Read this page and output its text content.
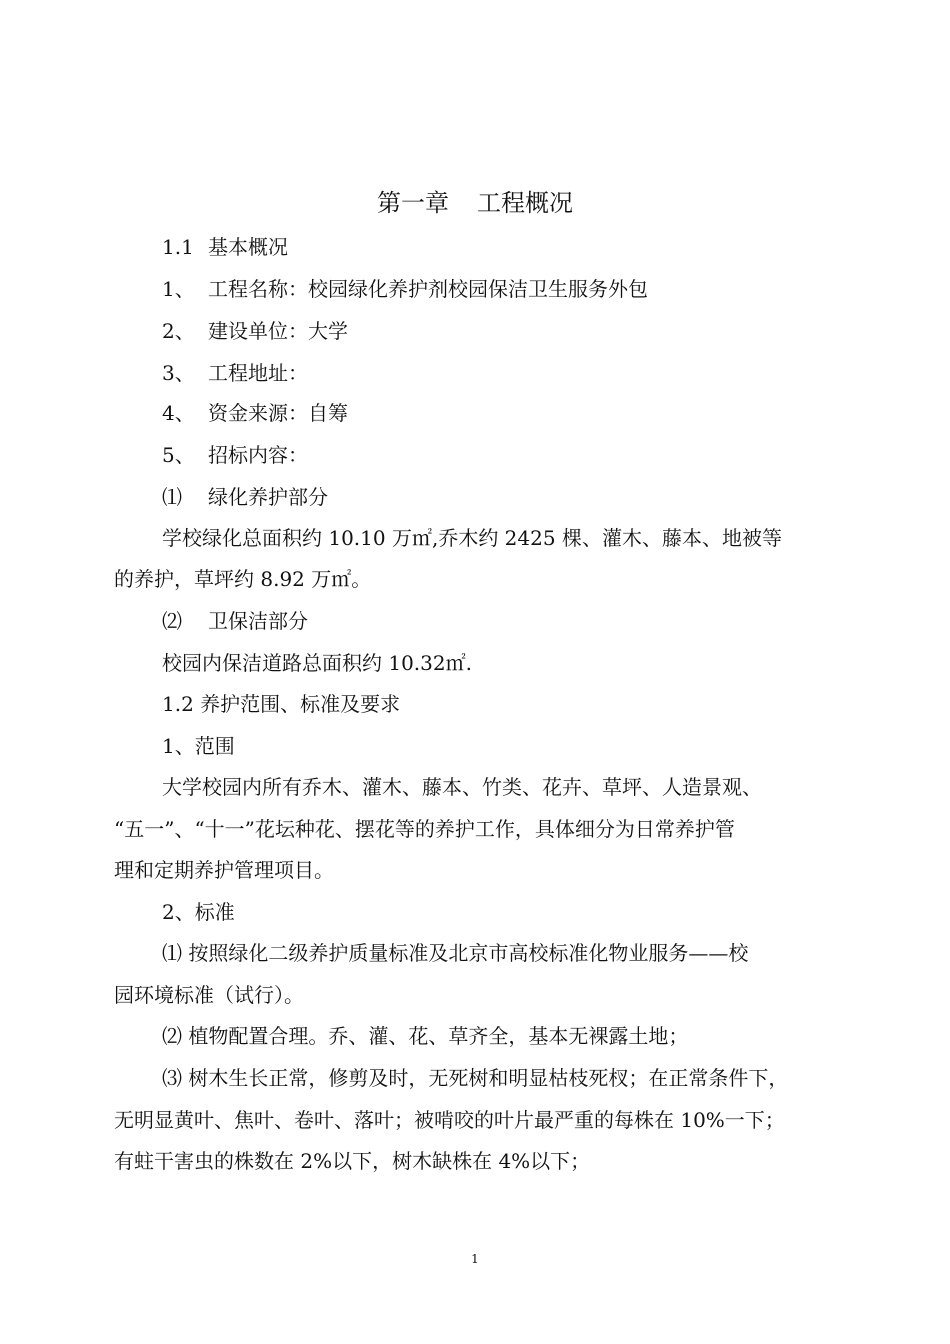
第一章 工程概况
1.1 基本概况
1、 工程名称：校园绿化养护剂校园保洁卫生服务外包
2、 建设单位：大学
3、 工程地址：
4、 资金来源：自筹
5、 招标内容：
⑴ 绿化养护部分
学校绿化总面积约 10.10 万㎡,乔木约 2425 棵、灌木、藤本、地被等
的养护，草坪约 8.92 万㎡。
⑵ 卫保洁部分
校园内保洁道路总面积约 10.32㎡.
1.2 养护范围、标准及要求
1、范围
大学校园内所有乔木、灌木、藤本、竹类、花卉、草坪、人造景观、
“五一”、“十一”花坛种花、摆花等的养护工作，具体细分为日常养护管
理和定期养护管理项目。
2、标准
⑴ 按照绿化二级养护质量标准及北京市高校标准化物业服务——校
园环境标准（试行）。
⑵ 植物配置合理。乔、灌、花、草齐全，基本无裸露土地；
⑶ 树木生长正常，修剪及时，无死树和明显枯枝死杈；在正常条件下，
无明显黄叶、焦叶、卷叶、落叶；被啃咬的叶片最严重的每株在 10%一下；
有蛀干害虫的株数在 2%以下，树木缺株在 4%以下；
1
